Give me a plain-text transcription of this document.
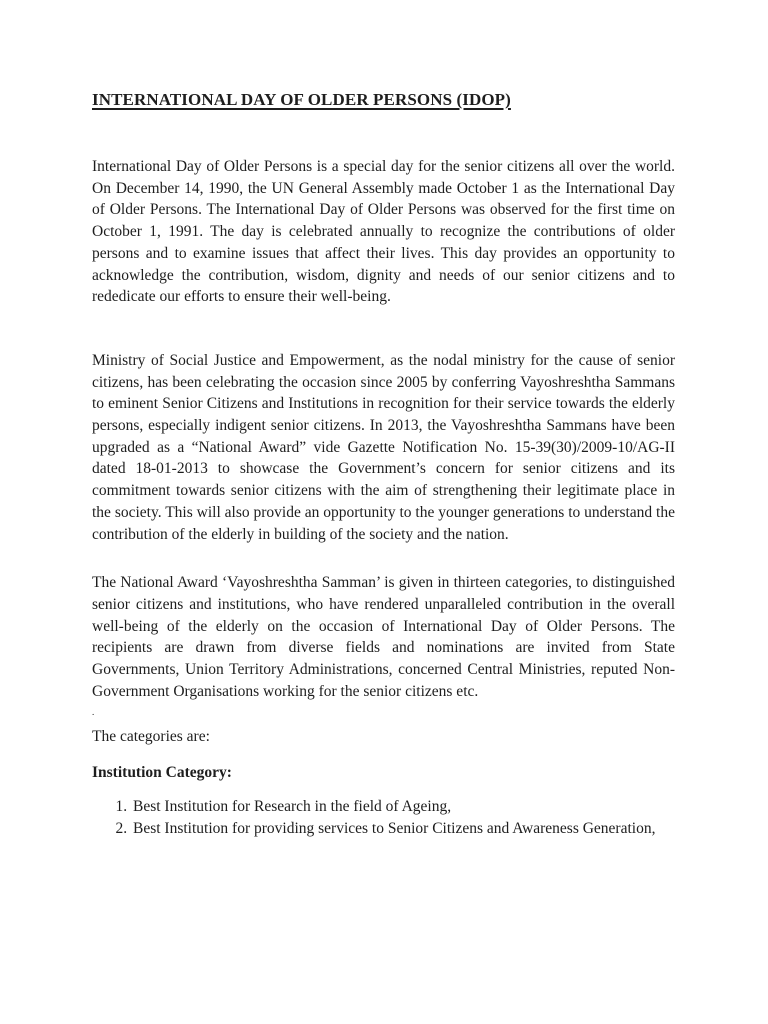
INTERNATIONAL DAY OF OLDER PERSONS (IDOP)

International Day of Older Persons is a special day for the senior citizens all over the world. On December 14, 1990, the UN General Assembly made October 1 as the International Day of Older Persons. The International Day of Older Persons was observed for the first time on October 1, 1991. The day is celebrated annually to recognize the contributions of older persons and to examine issues that affect their lives. This day provides an opportunity to acknowledge the contribution, wisdom, dignity and needs of our senior citizens and to rededicate our efforts to ensure their well-being.

Ministry of Social Justice and Empowerment, as the nodal ministry for the cause of senior citizens, has been celebrating the occasion since 2005 by conferring Vayoshreshtha Sammans to eminent Senior Citizens and Institutions in recognition for their service towards the elderly persons, especially indigent senior citizens. In 2013, the Vayoshreshtha Sammans have been upgraded as a “National Award” vide Gazette Notification No. 15-39(30)/2009-10/AG-II dated 18-01-2013 to showcase the Government’s concern for senior citizens and its commitment towards senior citizens with the aim of strengthening their legitimate place in the society. This will also provide an opportunity to the younger generations to understand the contribution of the elderly in building of the society and the nation.

The National Award ‘Vayoshreshtha Samman’ is given in thirteen categories, to distinguished senior citizens and institutions, who have rendered unparalleled contribution in the overall well-being of the elderly on the occasion of International Day of Older Persons. The recipients are drawn from diverse fields and nominations are invited from State Governments, Union Territory Administrations, concerned Central Ministries, reputed Non-Government Organisations working for the senior citizens etc.

.

The categories are:

Institution Category:
1. Best Institution for Research in the field of Ageing,
2. Best Institution for providing services to Senior Citizens and Awareness Generation,
